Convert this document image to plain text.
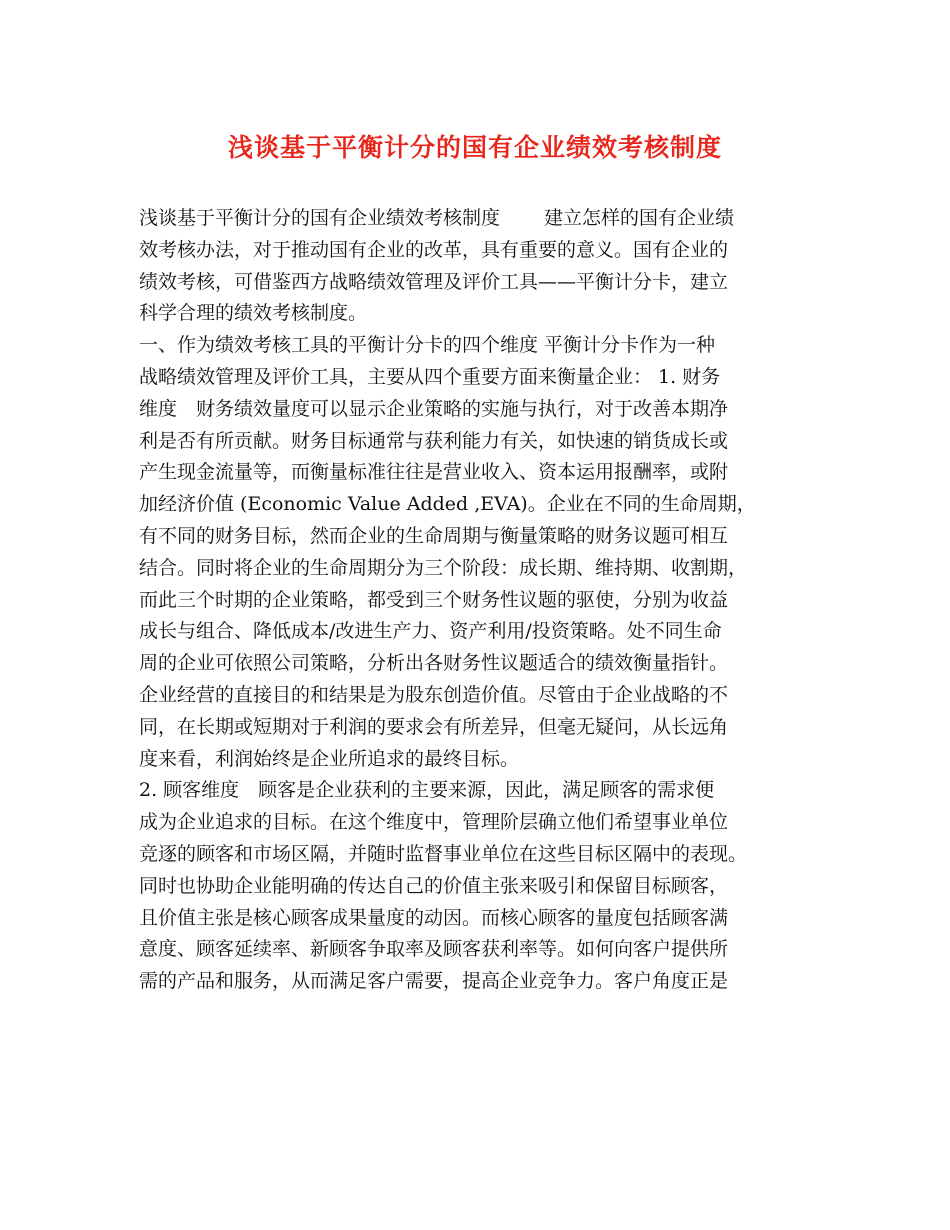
浅谈基于平衡计分的国有企业绩效考核制度
浅谈基于平衡计分的国有企业绩效考核制度　　 建立怎样的国有企业绩
效考核办法，对于推动国有企业的改革，具有重要的意义。国有企业的
绩效考核，可借鉴西方战略绩效管理及评价工具——平衡计分卡，建立
科学合理的绩效考核制度。
一、作为绩效考核工具的平衡计分卡的四个维度 平衡计分卡作为一种
战略绩效管理及评价工具，主要从四个重要方面来衡量企业： 1. 财务
维度　财务绩效量度可以显示企业策略的实施与执行，对于改善本期净
利是否有所贡献。财务目标通常与获利能力有关，如快速的销货成长或
产生现金流量等，而衡量标准往往是营业收入、资本运用报酬率，或附
加经济价值 (Economic Value Added ,EVA)。企业在不同的生命周期，
有不同的财务目标，然而企业的生命周期与衡量策略的财务议题可相互
结合。同时将企业的生命周期分为三个阶段：成长期、维持期、收割期，
而此三个时期的企业策略，都受到三个财务性议题的驱使，分别为收益
成长与组合、降低成本/改进生产力、资产利用/投资策略。处不同生命
周的企业可依照公司策略，分析出各财务性议题适合的绩效衡量指针。
企业经营的直接目的和结果是为股东创造价值。尽管由于企业战略的不
同，在长期或短期对于利润的要求会有所差异，但毫无疑问，从长远角
度来看，利润始终是企业所追求的最终目标。
2. 顾客维度　顾客是企业获利的主要来源，因此，满足顾客的需求便
成为企业追求的目标。在这个维度中，管理阶层确立他们希望事业单位
竞逐的顾客和市场区隔，并随时监督事业单位在这些目标区隔中的表现。
同时也协助企业能明确的传达自己的价值主张来吸引和保留目标顾客，
且价值主张是核心顾客成果量度的动因。而核心顾客的量度包括顾客满
意度、顾客延续率、新顾客争取率及顾客获利率等。如何向客户提供所
需的产品和服务，从而满足客户需要，提高企业竞争力。客户角度正是
